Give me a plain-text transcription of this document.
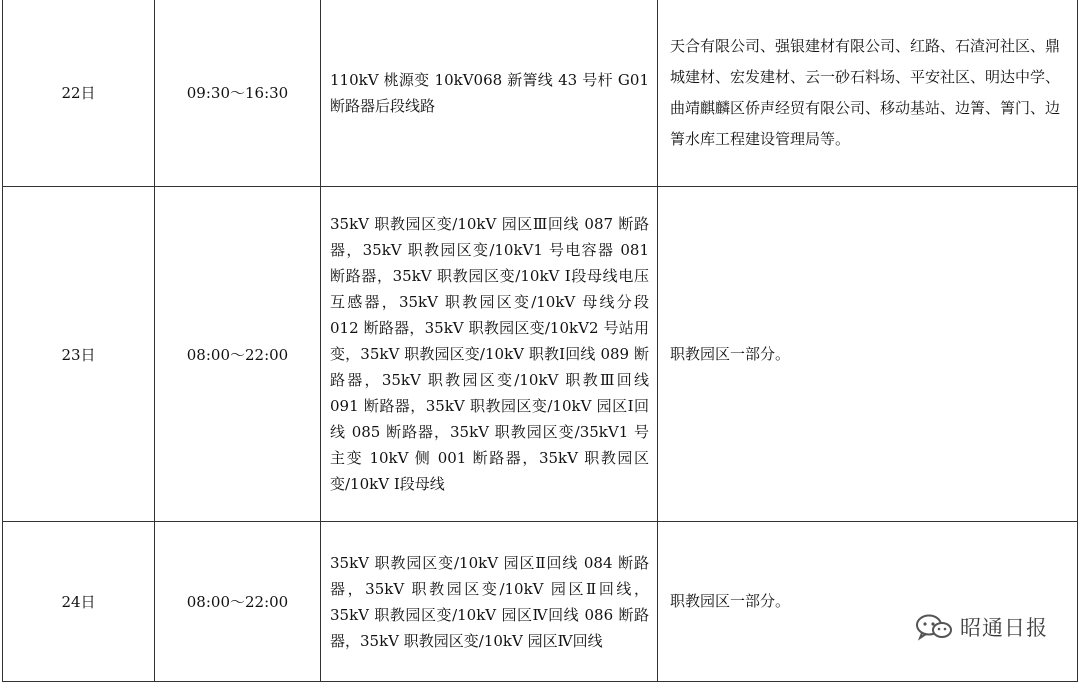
22日	09:30～16:30	110kV 桃源变 10kV068 新箐线 43 号杆 G01 断路器后段线路	天合有限公司、强银建材有限公司、红路、石渣河社区、鼎城建材、宏发建材、云一砂石料场、平安社区、明达中学、曲靖麒麟区侨声经贸有限公司、移动基站、边箐、箐门、边箐水库工程建设管理局等。
23日	08:00～22:00	35kV 职教园区变/10kV 园区Ⅲ回线 087 断路器，35kV 职教园区变/10kV1 号电容器 081 断路器，35kV 职教园区变/10kV Ⅰ段母线电压互感器，35kV 职教园区变/10kV 母线分段 012 断路器，35kV 职教园区变/10kV2 号站用变，35kV 职教园区变/10kV 职教Ⅰ回线 089 断路器，35kV 职教园区变/10kV 职教Ⅲ回线 091 断路器，35kV 职教园区变/10kV 园区Ⅰ回线 085 断路器，35kV 职教园区变/35kV1 号主变 10kV 侧 001 断路器，35kV 职教园区变/10kV Ⅰ段母线	职教园区一部分。
24日	08:00～22:00	35kV 职教园区变/10kV 园区Ⅱ回线 084 断路器，35kV 职教园区变/10kV 园区Ⅱ回线，35kV 职教园区变/10kV 园区Ⅳ回线 086 断路器，35kV 职教园区变/10kV 园区Ⅳ回线	职教园区一部分。
昭通日报
